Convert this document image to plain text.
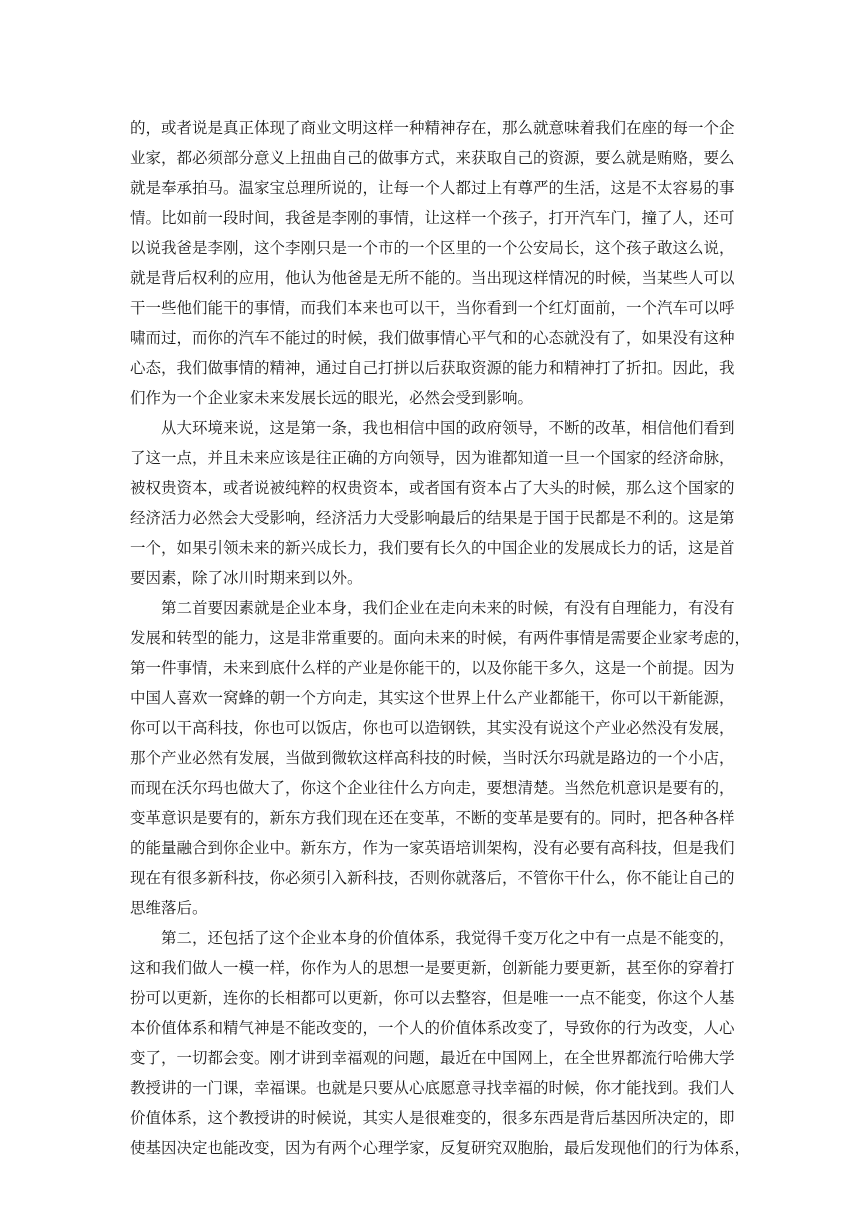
的，或者说是真正体现了商业文明这样一种精神存在，那么就意味着我们在座的每一个企
业家，都必须部分意义上扭曲自己的做事方式，来获取自己的资源，要么就是贿赂，要么
就是奉承拍马。温家宝总理所说的，让每一个人都过上有尊严的生活，这是不太容易的事
情。比如前一段时间，我爸是李刚的事情，让这样一个孩子，打开汽车门，撞了人，还可
以说我爸是李刚，这个李刚只是一个市的一个区里的一个公安局长，这个孩子敢这么说，
就是背后权利的应用，他认为他爸是无所不能的。当出现这样情况的时候，当某些人可以
干一些他们能干的事情，而我们本来也可以干，当你看到一个红灯面前，一个汽车可以呼
啸而过，而你的汽车不能过的时候，我们做事情心平气和的心态就没有了，如果没有这种
心态，我们做事情的精神，通过自己打拼以后获取资源的能力和精神打了折扣。因此，我
们作为一个企业家未来发展长远的眼光，必然会受到影响。
从大环境来说，这是第一条，我也相信中国的政府领导，不断的改革，相信他们看到
了这一点，并且未来应该是往正确的方向领导，因为谁都知道一旦一个国家的经济命脉，
被权贵资本，或者说被纯粹的权贵资本，或者国有资本占了大头的时候，那么这个国家的
经济活力必然会大受影响，经济活力大受影响最后的结果是于国于民都是不利的。这是第
一个，如果引领未来的新兴成长力，我们要有长久的中国企业的发展成长力的话，这是首
要因素，除了冰川时期来到以外。
第二首要因素就是企业本身，我们企业在走向未来的时候，有没有自理能力，有没有
发展和转型的能力，这是非常重要的。面向未来的时候，有两件事情是需要企业家考虑的，
第一件事情，未来到底什么样的产业是你能干的，以及你能干多久，这是一个前提。因为
中国人喜欢一窝蜂的朝一个方向走，其实这个世界上什么产业都能干，你可以干新能源，
你可以干高科技，你也可以饭店，你也可以造钢铁，其实没有说这个产业必然没有发展，
那个产业必然有发展，当做到微软这样高科技的时候，当时沃尔玛就是路边的一个小店，
而现在沃尔玛也做大了，你这个企业往什么方向走，要想清楚。当然危机意识是要有的，
变革意识是要有的，新东方我们现在还在变革，不断的变革是要有的。同时，把各种各样
的能量融合到你企业中。新东方，作为一家英语培训架构，没有必要有高科技，但是我们
现在有很多新科技，你必须引入新科技，否则你就落后，不管你干什么，你不能让自己的
思维落后。
第二，还包括了这个企业本身的价值体系，我觉得千变万化之中有一点是不能变的，
这和我们做人一模一样，你作为人的思想一是要更新，创新能力要更新，甚至你的穿着打
扮可以更新，连你的长相都可以更新，你可以去整容，但是唯一一点不能变，你这个人基
本价值体系和精气神是不能改变的，一个人的价值体系改变了，导致你的行为改变，人心
变了，一切都会变。刚才讲到幸福观的问题，最近在中国网上，在全世界都流行哈佛大学
教授讲的一门课，幸福课。也就是只要从心底愿意寻找幸福的时候，你才能找到。我们人
价值体系，这个教授讲的时候说，其实人是很难变的，很多东西是背后基因所决定的，即
使基因决定也能改变，因为有两个心理学家，反复研究双胞胎，最后发现他们的行为体系，
